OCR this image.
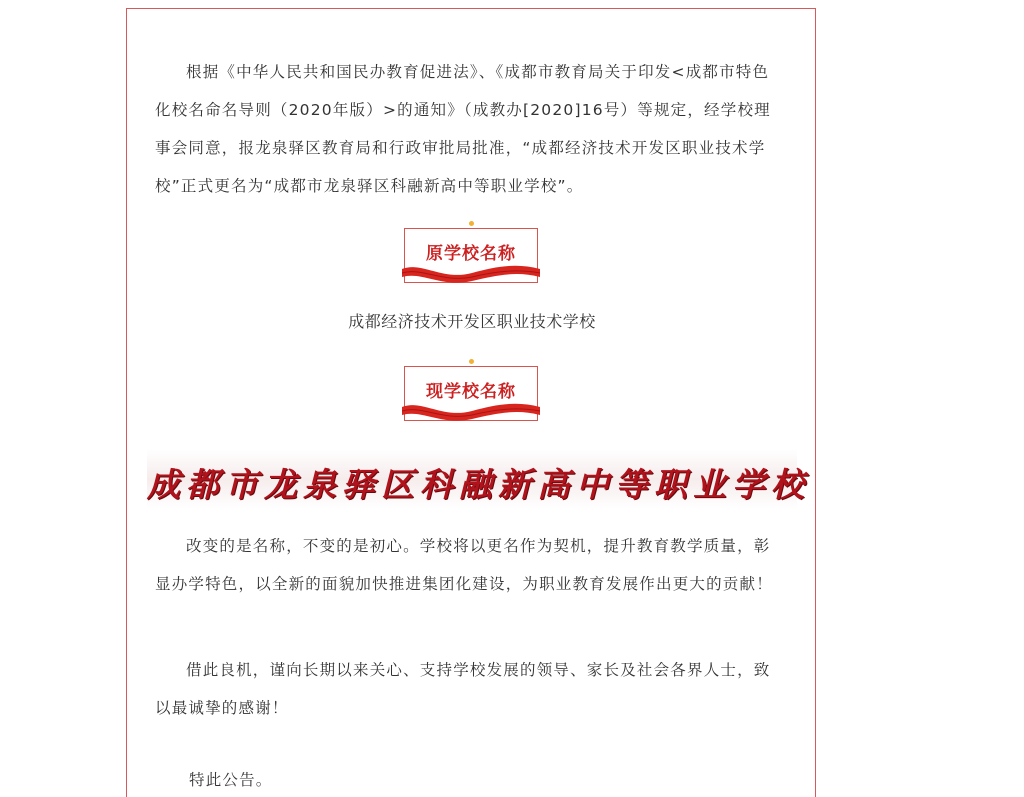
根据《中华人民共和国民办教育促进法》、《成都市教育局关于印发<成都市特色化校名命名导则（2020年版）>的通知》（成教办[2020]16号）等规定，经学校理事会同意，报龙泉驿区教育局和行政审批局批准，“成都经济技术开发区职业技术学校”正式更名为“成都市龙泉驿区科融新高中等职业学校”。

原学校名称
成都经济技术开发区职业技术学校
现学校名称
成都市龙泉驿区科融新高中等职业学校

改变的是名称，不变的是初心。学校将以更名作为契机，提升教育教学质量，彰显办学特色，以全新的面貌加快推进集团化建设，为职业教育发展作出更大的贡献！

借此良机，谨向长期以来关心、支持学校发展的领导、家长及社会各界人士，致以最诚挚的感谢！

特此公告。
